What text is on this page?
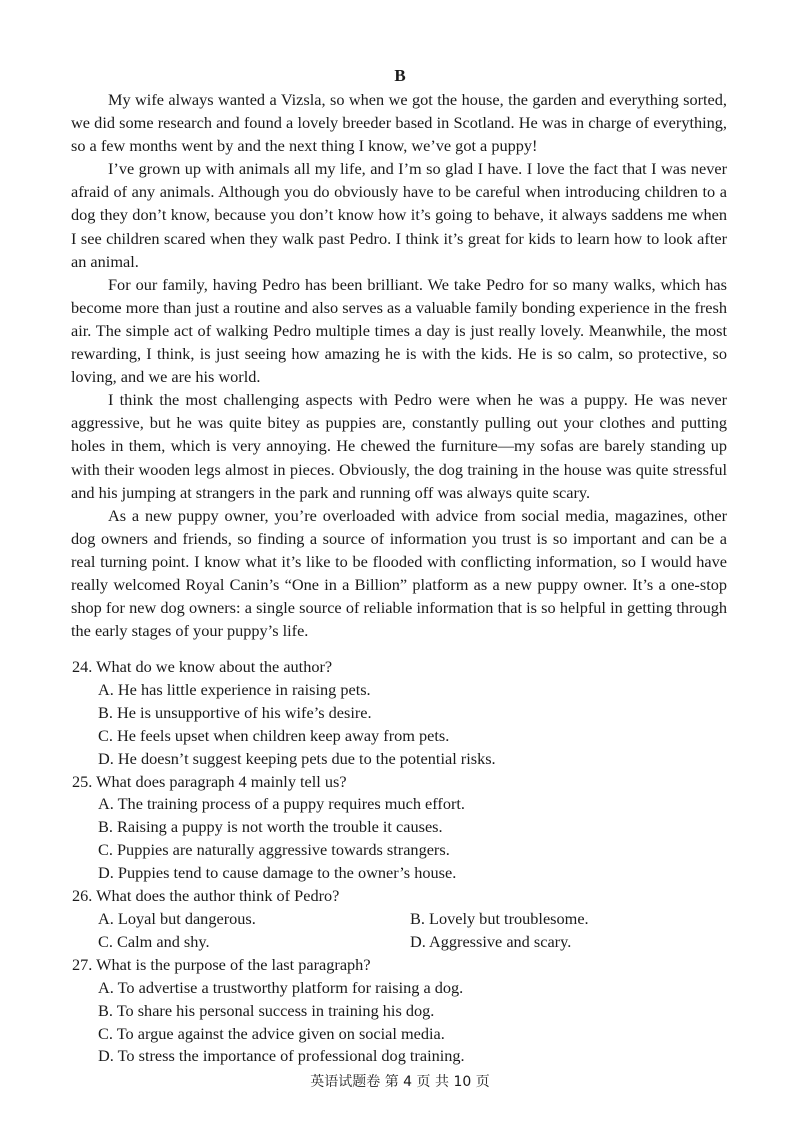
B

My wife always wanted a Vizsla, so when we got the house, the garden and everything sorted, we did some research and found a lovely breeder based in Scotland. He was in charge of everything, so a few months went by and the next thing I know, we’ve got a puppy!

I’ve grown up with animals all my life, and I’m so glad I have. I love the fact that I was never afraid of any animals. Although you do obviously have to be careful when introducing children to a dog they don’t know, because you don’t know how it’s going to behave, it always saddens me when I see children scared when they walk past Pedro. I think it’s great for kids to learn how to look after an animal.

For our family, having Pedro has been brilliant. We take Pedro for so many walks, which has become more than just a routine and also serves as a valuable family bonding experience in the fresh air. The simple act of walking Pedro multiple times a day is just really lovely. Meanwhile, the most rewarding, I think, is just seeing how amazing he is with the kids. He is so calm, so protective, so loving, and we are his world.

I think the most challenging aspects with Pedro were when he was a puppy. He was never aggressive, but he was quite bitey as puppies are, constantly pulling out your clothes and putting holes in them, which is very annoying. He chewed the furniture—my sofas are barely standing up with their wooden legs almost in pieces. Obviously, the dog training in the house was quite stressful and his jumping at strangers in the park and running off was always quite scary.

As a new puppy owner, you’re overloaded with advice from social media, magazines, other dog owners and friends, so finding a source of information you trust is so important and can be a real turning point. I know what it’s like to be flooded with conflicting information, so I would have really welcomed Royal Canin’s “One in a Billion” platform as a new puppy owner. It’s a one-stop shop for new dog owners: a single source of reliable information that is so helpful in getting through the early stages of your puppy’s life.

24. What do we know about the author?

A. He has little experience in raising pets.

B. He is unsupportive of his wife’s desire.

C. He feels upset when children keep away from pets.

D. He doesn’t suggest keeping pets due to the potential risks.

25. What does paragraph 4 mainly tell us?

A. The training process of a puppy requires much effort.

B. Raising a puppy is not worth the trouble it causes.

C. Puppies are naturally aggressive towards strangers.

D. Puppies tend to cause damage to the owner’s house.

26. What does the author think of Pedro?

A. Loyal but dangerous.	B. Lovely but troublesome.

C. Calm and shy.	D. Aggressive and scary.

27. What is the purpose of the last paragraph?

A. To advertise a trustworthy platform for raising a dog.

B. To share his personal success in training his dog.

C. To argue against the advice given on social media.

D. To stress the importance of professional dog training.

英语试题卷 第 4 页 共 10 页
